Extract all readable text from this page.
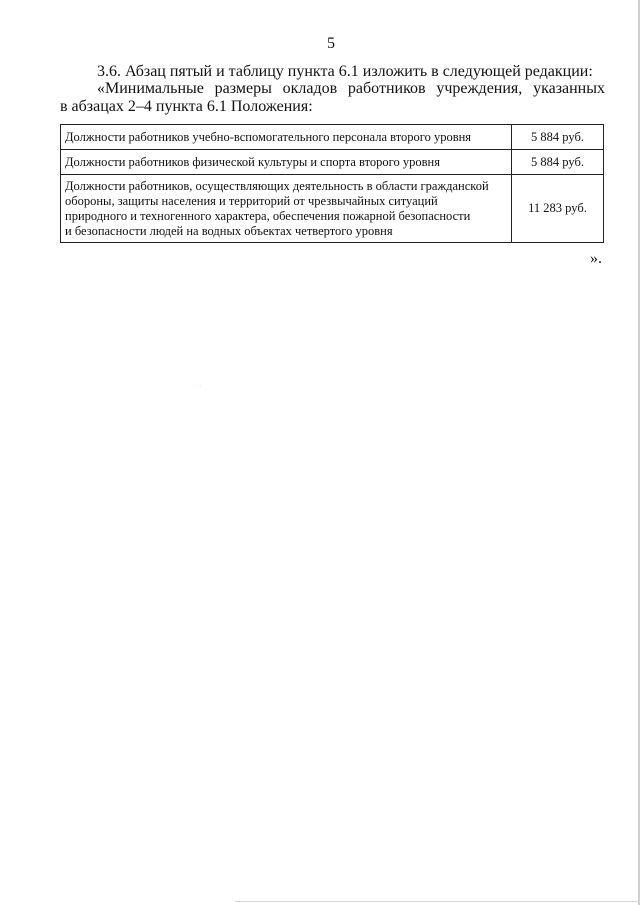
5
3.6. Абзац пятый и таблицу пункта 6.1 изложить в следующей редакции:
«Минимальные размеры окладов работников учреждения, указанных
в абзацах 2–4 пункта 6.1 Положения:
Должности работников учебно-вспомогательного персонала второго уровня	5 884 руб.
Должности работников физической культуры и спорта второго уровня	5 884 руб.
Должности работников, осуществляющих деятельность в области гражданской
обороны, защиты населения и территорий от чрезвычайных ситуаций
природного и техногенного характера, обеспечения пожарной безопасности
и безопасности людей на водных объектах четвертого уровня	11 283 руб.
».
· ·
